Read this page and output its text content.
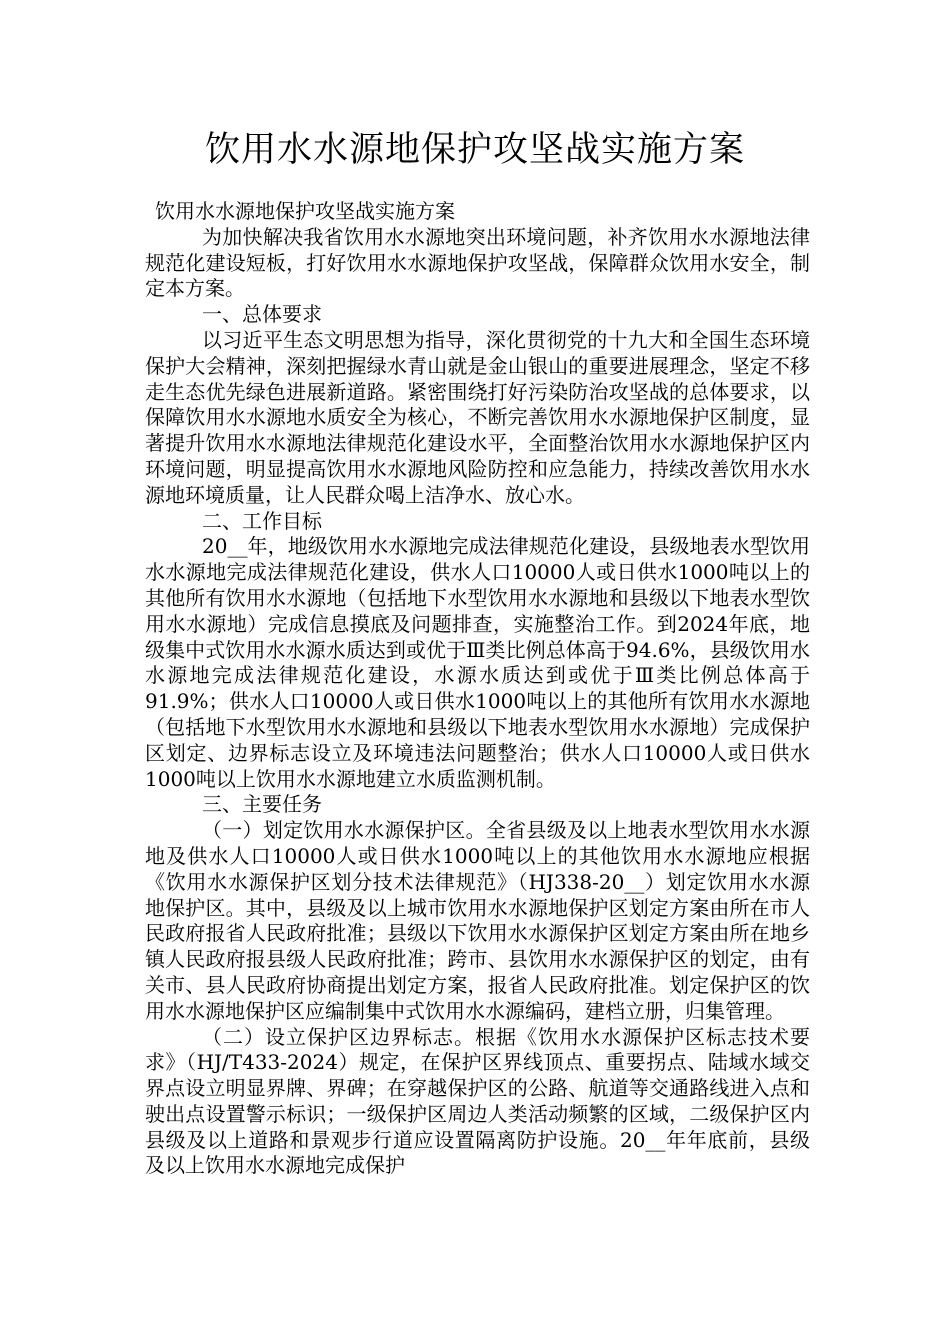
饮用水水源地保护攻坚战实施方案

饮用水水源地保护攻坚战实施方案

为加快解决我省饮用水水源地突出环境问题，补齐饮用水水源地法律规范化建设短板，打好饮用水水源地保护攻坚战，保障群众饮用水安全，制定本方案。

一、总体要求

以习近平生态文明思想为指导，深化贯彻党的十九大和全国生态环境保护大会精神，深刻把握绿水青山就是金山银山的重要进展理念，坚定不移走生态优先绿色进展新道路。紧密围绕打好污染防治攻坚战的总体要求，以保障饮用水水源地水质安全为核心，不断完善饮用水水源地保护区制度，显著提升饮用水水源地法律规范化建设水平，全面整治饮用水水源地保护区内环境问题，明显提高饮用水水源地风险防控和应急能力，持续改善饮用水水源地环境质量，让人民群众喝上洁净水、放心水。

二、工作目标

20__年，地级饮用水水源地完成法律规范化建设，县级地表水型饮用水水源地完成法律规范化建设，供水人口10000人或日供水1000吨以上的其他所有饮用水水源地（包括地下水型饮用水水源地和县级以下地表水型饮用水水源地）完成信息摸底及问题排查，实施整治工作。到2024年底，地级集中式饮用水水源水质达到或优于Ⅲ类比例总体高于94.6%，县级饮用水水源地完成法律规范化建设，水源水质达到或优于Ⅲ类比例总体高于91.9%；供水人口10000人或日供水1000吨以上的其他所有饮用水水源地（包括地下水型饮用水水源地和县级以下地表水型饮用水水源地）完成保护区划定、边界标志设立及环境违法问题整治；供水人口10000人或日供水1000吨以上饮用水水源地建立水质监测机制。

三、主要任务

（一）划定饮用水水源保护区。全省县级及以上地表水型饮用水水源地及供水人口10000人或日供水1000吨以上的其他饮用水水源地应根据《饮用水水源保护区划分技术法律规范》（HJ338-20__）划定饮用水水源地保护区。其中，县级及以上城市饮用水水源地保护区划定方案由所在市人民政府报省人民政府批准；县级以下饮用水水源保护区划定方案由所在地乡镇人民政府报县级人民政府批准；跨市、县饮用水水源保护区的划定，由有关市、县人民政府协商提出划定方案，报省人民政府批准。划定保护区的饮用水水源地保护区应编制集中式饮用水水源编码，建档立册，归集管理。

（二）设立保护区边界标志。根据《饮用水水源保护区标志技术要求》（HJ/T433-2024）规定，在保护区界线顶点、重要拐点、陆域水域交界点设立明显界牌、界碑；在穿越保护区的公路、航道等交通路线进入点和驶出点设置警示标识；一级保护区周边人类活动频繁的区域，二级保护区内县级及以上道路和景观步行道应设置隔离防护设施。20__年年底前，县级及以上饮用水水源地完成保护
